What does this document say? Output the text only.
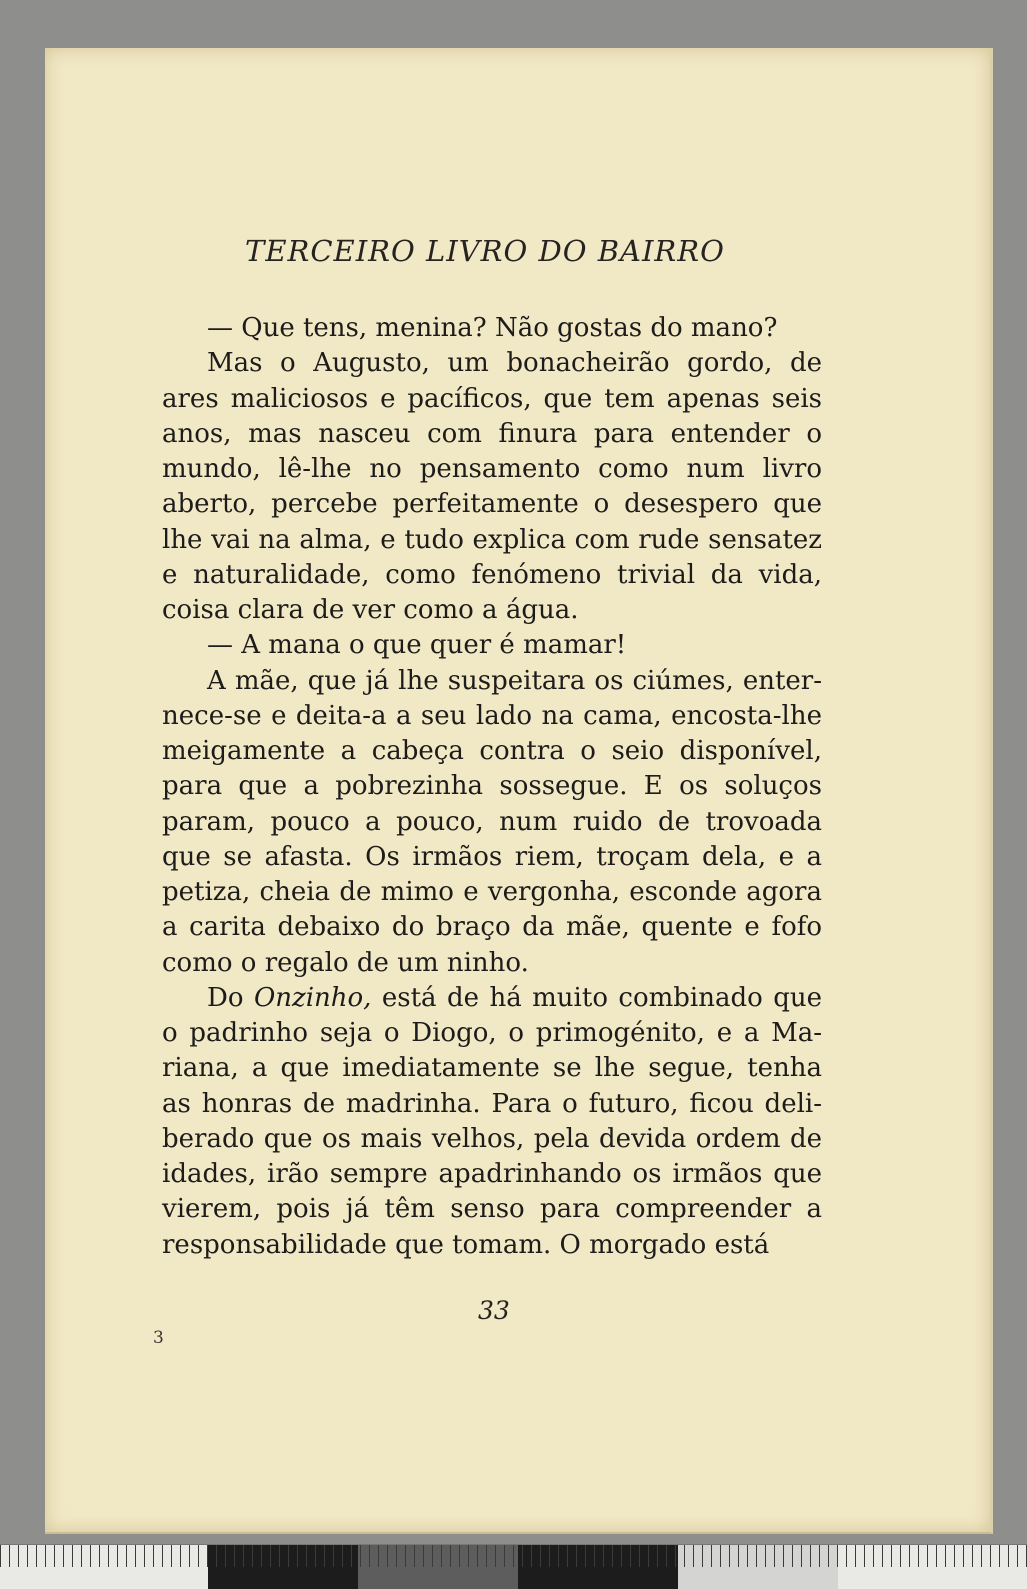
TERCEIRO LIVRO DO BAIRRO

— Que tens, menina? Não gostas do mano?

Mas o Augusto, um bonacheirão gordo, de ares maliciosos e pacíficos, que tem apenas seis anos, mas nasceu com finura para entender o mundo, lê-lhe no pensamento como num livro aberto, percebe perfeitamente o desespero que lhe vai na alma, e tudo explica com rude sensatez e naturalidade, como fenómeno trivial da vida, coisa clara de ver como a água.

— A mana o que quer é mamar!

A mãe, que já lhe suspeitara os ciúmes, enter-nece-se e deita-a a seu lado na cama, encosta-lhe meigamente a cabeça contra o seio disponível, para que a pobrezinha sossegue. E os soluços param, pouco a pouco, num ruido de trovoada que se afasta. Os irmãos riem, troçam dela, e a petiza, cheia de mimo e vergonha, esconde agora a carita debaixo do braço da mãe, quente e fofo como o regalo de um ninho.

Do Onzinho, está de há muito combinado que o padrinho seja o Diogo, o primogénito, e a Ma-riana, a que imediatamente se lhe segue, tenha as honras de madrinha. Para o futuro, ficou deli-berado que os mais velhos, pela devida ordem de idades, irão sempre apadrinhando os irmãos que vierem, pois já têm senso para compreender a responsabilidade que tomam. O morgado está

33
3
